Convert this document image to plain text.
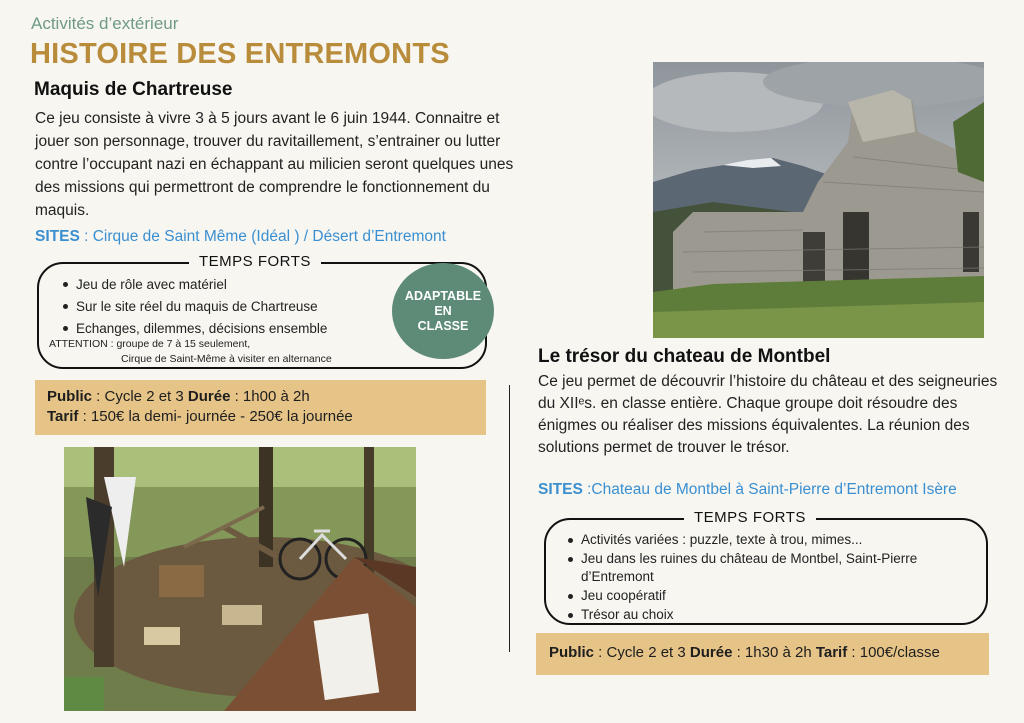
Activités d’extérieur
HISTOIRE DES ENTREMONTS
Maquis de Chartreuse
Ce jeu consiste à vivre 3 à 5 jours avant le 6 juin 1944. Connaitre et jouer son personnage, trouver du ravitaillement, s’entrainer ou lutter contre l’occupant nazi en échappant au milicien seront quelques unes des missions qui permettront de comprendre le fonctionnement du maquis.
SITES : Cirque de Saint Même (Idéal ) / Désert d’Entremont
TEMPS FORTS
Jeu de rôle avec matériel
Sur le site réel du maquis de Chartreuse
Echanges, dilemmes, décisions ensemble
ATTENTION : groupe de 7 à 15 seulement,
Cirque de Saint-Même à visiter en alternance
ADAPTABLE
EN
CLASSE
Public : Cycle 2 et 3 Durée : 1h00 à 2h
Tarif : 150€ la demi- journée - 250€ la journée
Le trésor du chateau de Montbel
Ce jeu permet de découvrir l’histoire du château et des seigneuries du XIIᵉs. en classe entière. Chaque groupe doit résoudre des énigmes ou réaliser des missions équivalentes. La réunion des solutions permet de trouver le trésor.
SITES :Chateau de Montbel à Saint-Pierre d’Entremont Isère
TEMPS FORTS
Activités variées : puzzle, texte à trou, mimes...
Jeu dans les ruines du château de Montbel, Saint-Pierre
d’Entremont
Jeu coopératif
Trésor au choix
Public : Cycle 2 et 3 Durée : 1h30 à 2h Tarif : 100€/classe
